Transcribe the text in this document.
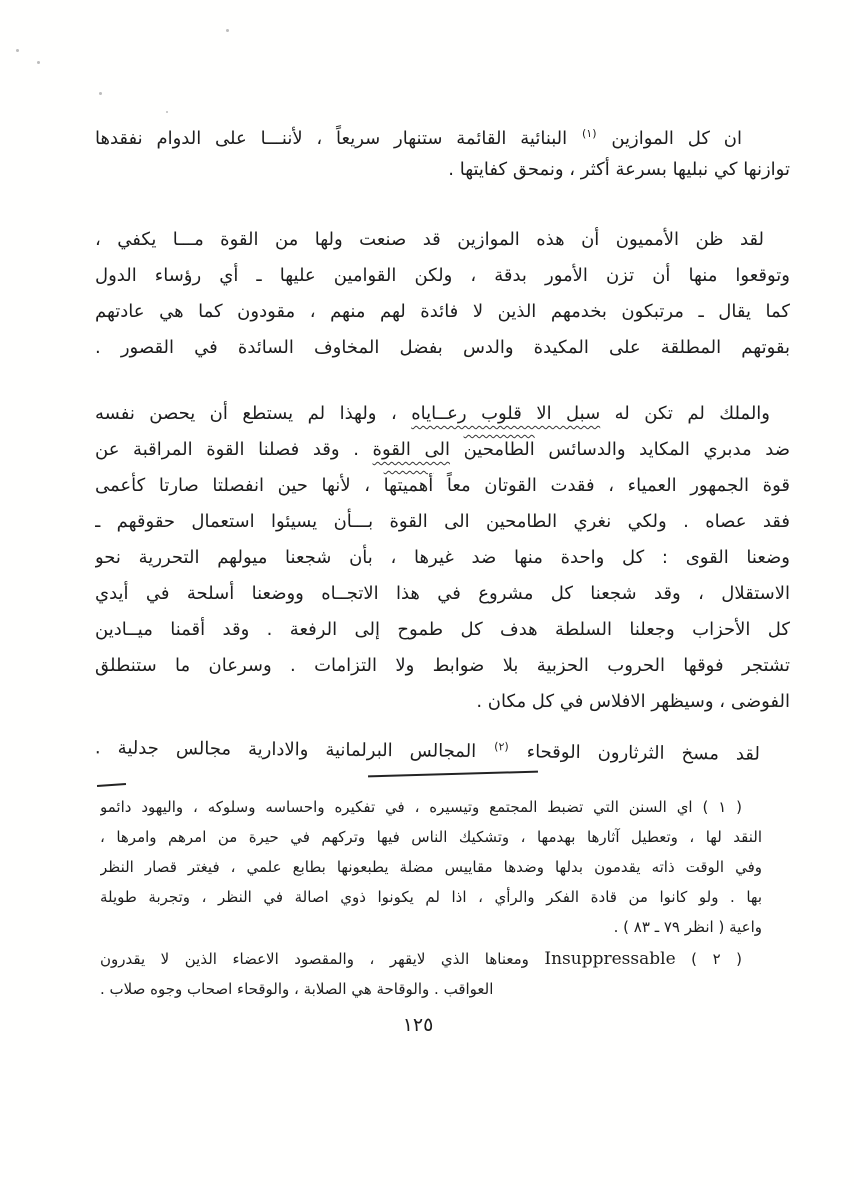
ان كل الموازين $^{(١)}$ البنائية القائمة ستنهار سريعاً ، لأننـــا على الدوام نفقدها
توازنها كي نبليها بسرعة أكثر ، ونمحق كفايتها .
لقد ظن الأمميون أن هذه الموازين قد صنعت ولها من القوة مـــا يكفي ،
وتوقعوا منها أن تزن الأمور بدقة ، ولكن القوامين عليها ـ أي رؤساء الدول
كما يقال ـ مرتبكون بخدمهم الذين لا فائدة لهم منهم ، مقودون كما هي عادتهم
بقوتهم المطلقة على المكيدة والدس بفضل المخاوف السائدة في القصور .
والملك لم تكن له سبل الا قلوب رعــاياه ، ولهذا لم يستطع أن يحصن نفسه
ضد مدبري المكايد والدسائس الطامحين الى القوة . وقد فصلنا القوة المراقبة عن
قوة الجمهور العمياء ، فقدت القوتان معاً أهميتها ، لأنها حين انفصلتا صارتا كأعمى
فقد عصاه . ولكي نغري الطامحين الى القوة بـــأن يسيئوا استعمال حقوقهم ـ
وضعنا القوى : كل واحدة منها ضد غيرها ، بأن شجعنا ميولهم التحررية نحو
الاستقلال ، وقد شجعنا كل مشروع في هذا الاتجــاه ووضعنا أسلحة في أيدي
كل الأحزاب وجعلنا السلطة هدف كل طموح إلى الرفعة . وقد أقمنا ميــادين
تشتجر فوقها الحروب الحزبية بلا ضوابط ولا التزامات . وسرعان ما ستنطلق
الفوضى ، وسيظهر الافلاس في كل مكان .
لقد مسخ الثرثارون الوقحاء $^{(٢)}$ المجالس البرلمانية والادارية مجالس جدلية .
( ١ ) اي السنن التي تضبط المجتمع وتيسيره ، في تفكيره واحساسه وسلوكه ، واليهود دائمو
النقد لها ، وتعطيل آثارها بهدمها ، وتشكيك الناس فيها وتركهم في حيرة من امرهم وامرها ،
وفي الوقت ذاته يقدمون بدلها وضدها مقاييس مضلة يطبعونها بطابع علمي ، فيغتر قصار النظر
بها . ولو كانوا من قادة الفكر والرأي ، اذا لم يكونوا ذوي اصالة في النظر ، وتجربة طويلة
واعية ( انظر ٧٩ ـ ٨٣ ) .
( ٢ ) Insuppressable ومعناها الذي لايقهر ، والمقصود الاعضاء الذين لا يقدرون
العواقب . والوقاحة هي الصلابة ، والوقحاء اصحاب وجوه صلاب .
١٢٥
